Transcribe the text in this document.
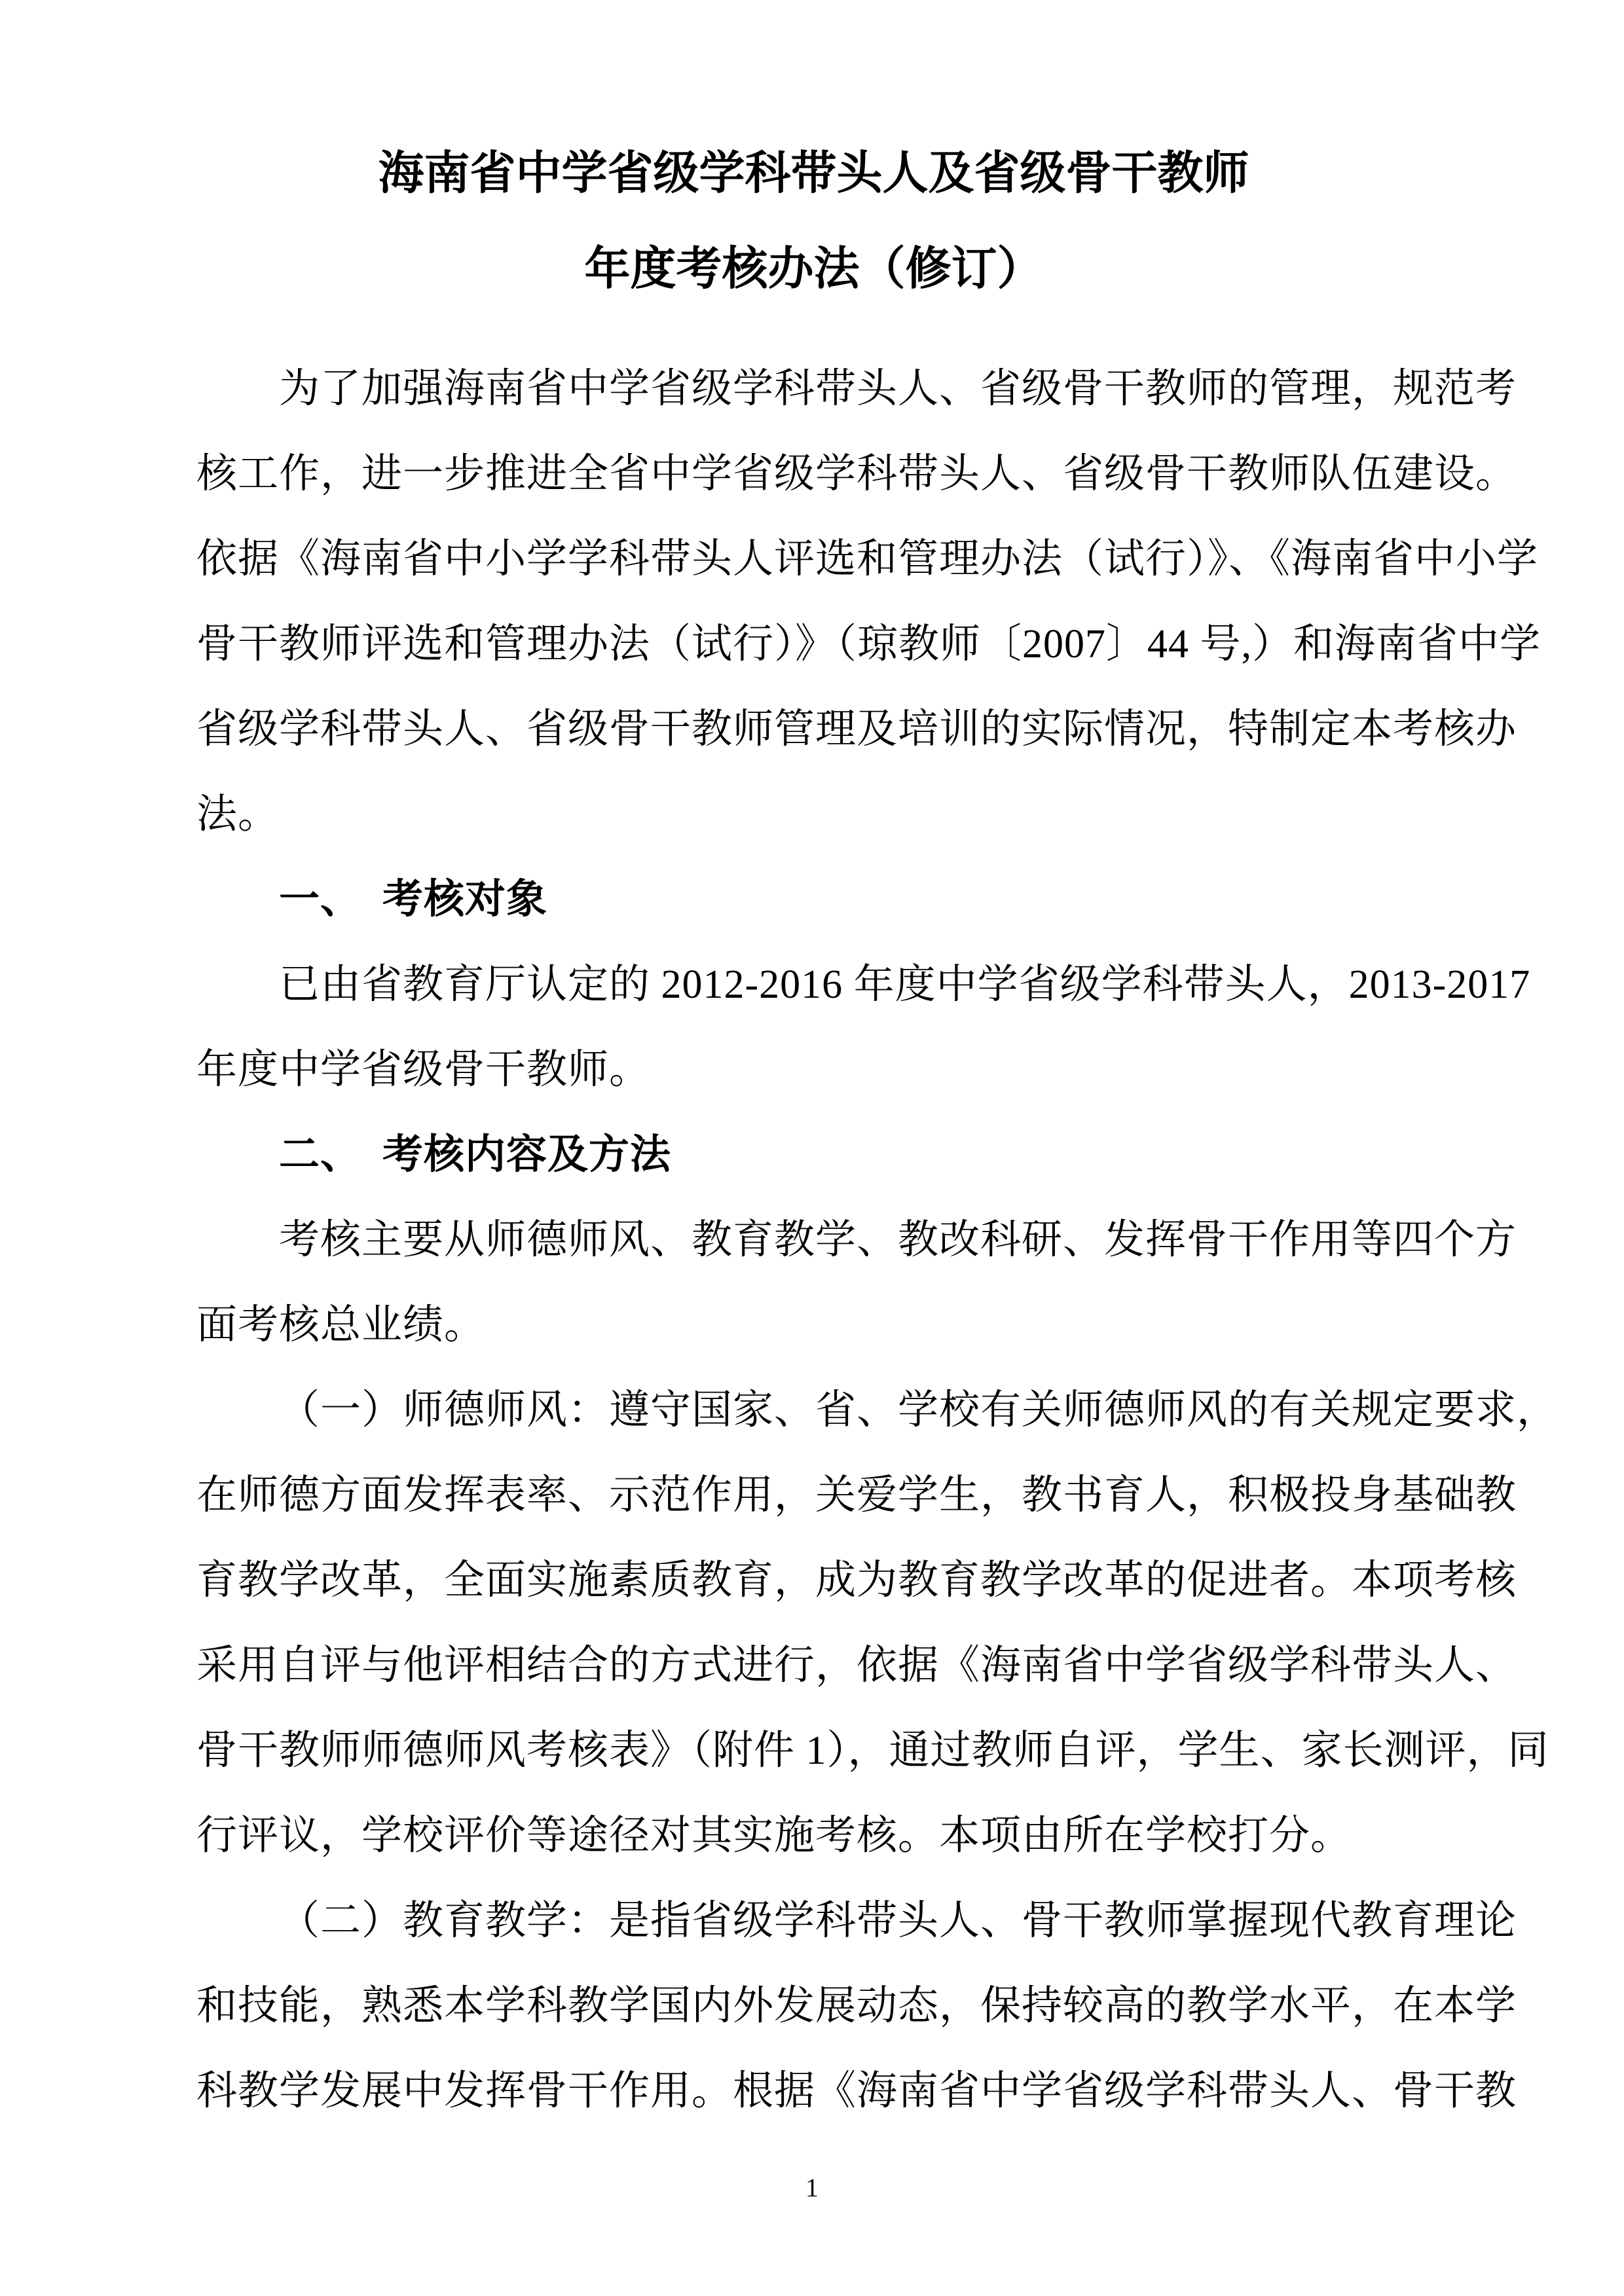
海南省中学省级学科带头人及省级骨干教师
年度考核办法（修订）
为了加强海南省中学省级学科带头人、省级骨干教师的管理，规范考
核工作，进一步推进全省中学省级学科带头人、省级骨干教师队伍建设。
依据《海南省中小学学科带头人评选和管理办法（试行）》、《海南省中小学
骨干教师评选和管理办法（试行）》（琼教师〔2007〕44 号,）和海南省中学
省级学科带头人、省级骨干教师管理及培训的实际情况，特制定本考核办
法。
一、　考核对象
已由省教育厅认定的 2012-2016 年度中学省级学科带头人，2013-2017
年度中学省级骨干教师。
二、　考核内容及方法
考核主要从师德师风、教育教学、教改科研、发挥骨干作用等四个方
面考核总业绩。
（一）师德师风：遵守国家、省、学校有关师德师风的有关规定要求，
在师德方面发挥表率、示范作用，关爱学生，教书育人，积极投身基础教
育教学改革，全面实施素质教育，成为教育教学改革的促进者。本项考核
采用自评与他评相结合的方式进行，依据《海南省中学省级学科带头人、
骨干教师师德师风考核表》（附件 1），通过教师自评，学生、家长测评，同
行评议，学校评价等途径对其实施考核。本项由所在学校打分。
（二）教育教学：是指省级学科带头人、骨干教师掌握现代教育理论
和技能，熟悉本学科教学国内外发展动态，保持较高的教学水平，在本学
科教学发展中发挥骨干作用。根据《海南省中学省级学科带头人、骨干教
1
